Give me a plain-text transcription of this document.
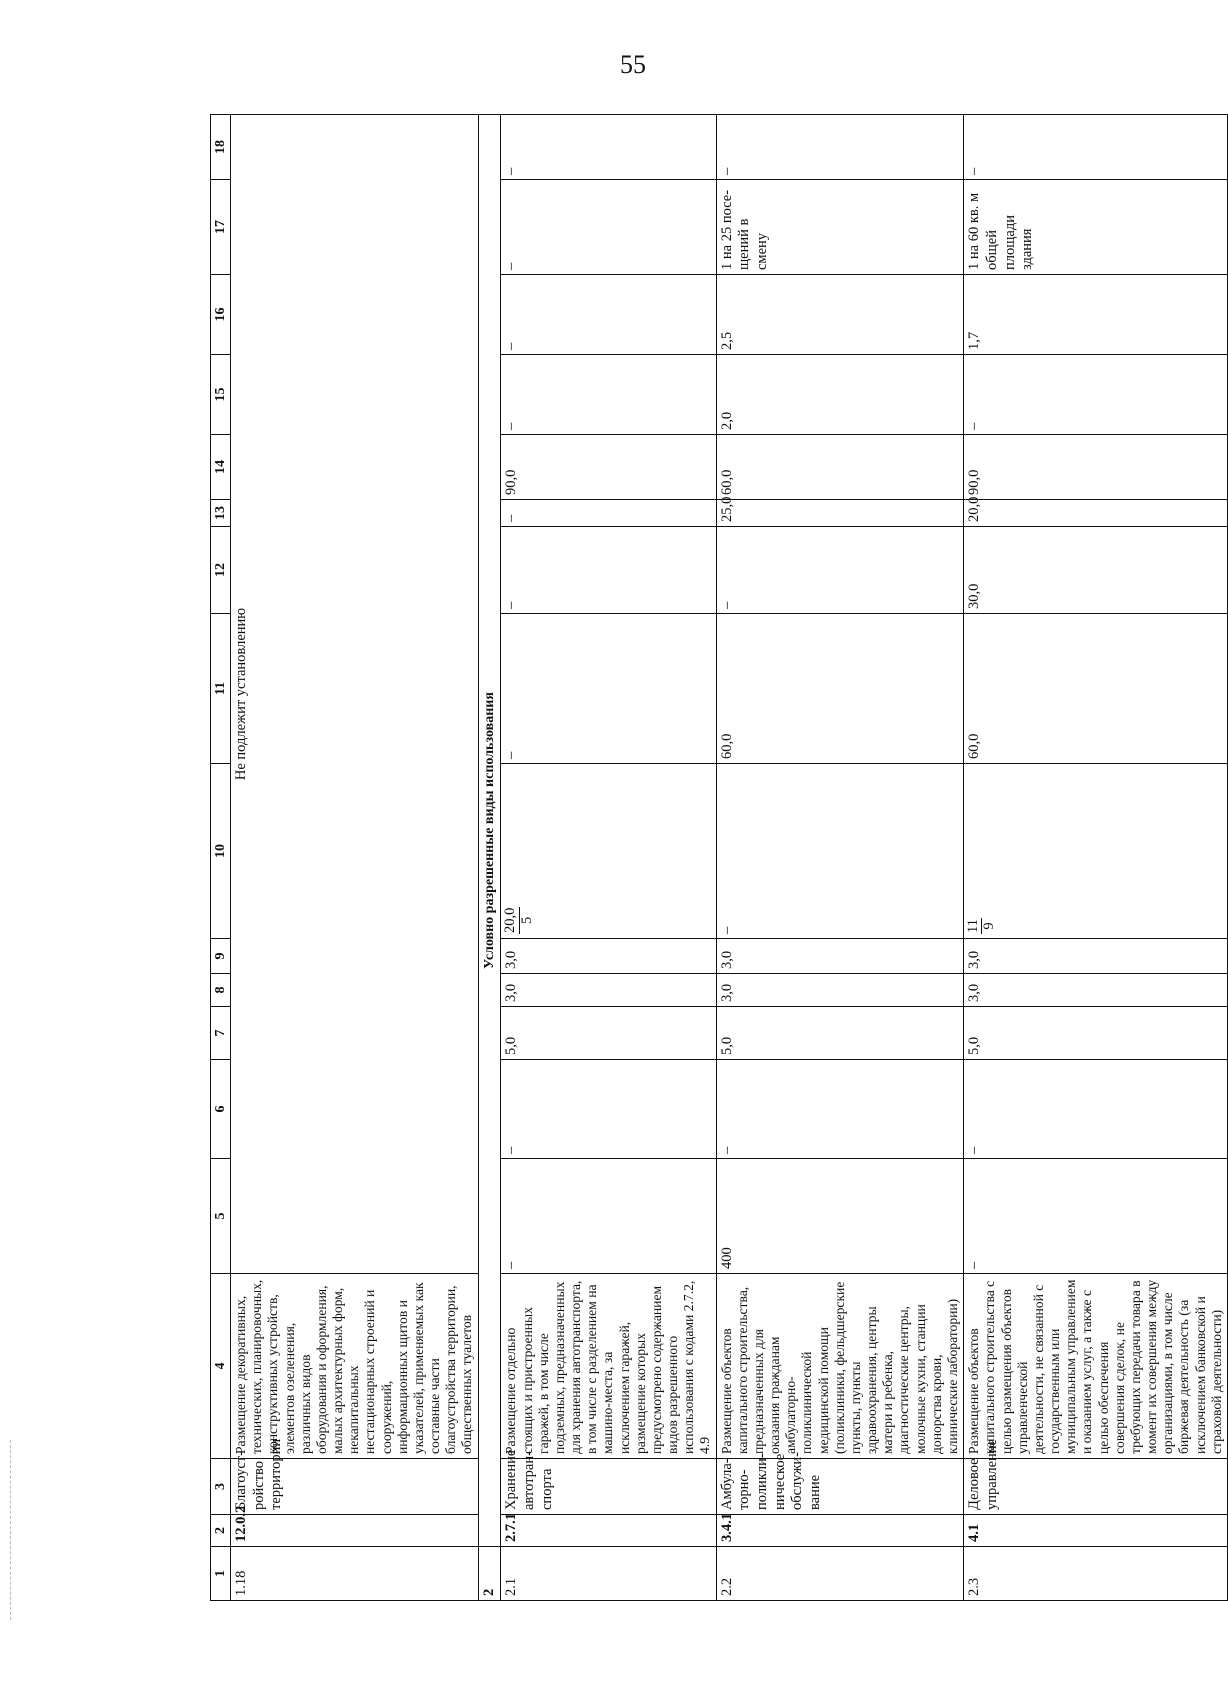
55
1	2	3	4	5	6	7	8	9	10	11	12	13	14	15	16	17	18
1.18	12.0.2	Благоуст-ройство территории	Размещение декоративных, технических, планировочных, конструктивных устройств, элементов озеленения, различных видов оборудования и оформления, малых архитектурных форм, некапитальных нестационарных строений и сооружений, информационных щитов и указателей, применяемых как составные части благоустройства территории, общественных туалетов	Не подлежит установлению													
2	Условно разрешенные виды использования																
2.1	2.7.1	Хранение автотран-спорта	Размещение отдельно стоящих и пристроенных гаражей, в том числе подземных, предназначенных для хранения автотранспорта, в том числе с разделением на машино-места, за исключением гаражей, размещение которых предусмотрено содержанием видов разрешенного использования с кодами 2.7.2, 4.9	–	–	5,0	3,0	3,0	20,0 5	–	–	–	90,0	–	–	–	–
2.2	3.4.1	Амбула-торно-поликли-ническое обслужи-вание	Размещение объектов капитального строительства, предназначенных для оказания гражданам амбулаторно-поликлинической медицинской помощи (поликлиники, фельдшерские пункты, пункты здравоохранения, центры матери и ребенка, диагностические центры, молочные кухни, станции донорства крови, клинические лаборатории)	400	–	5,0	3,0	3,0	–	60,0	–	25,0	60,0	2,0	2,5	1 на 25 посе-щений в смену	–
2.3	4.1	Деловое управление	Размещение объектов капитального строительства с целью размещения объектов управленческой деятельности, не связанной с государственным или муниципальным управлением и оказанием услуг, а также с целью обеспечения совершения сделок, не требующих передачи товара в момент их совершения между организациями, в том числе биржевая деятельность (за исключением банковской и страховой деятельности)	–	–	5,0	3,0	3,0	11 9	60,0	30,0	20,0	90,0	–	1,7	1 на 60 кв. м общей площади здания	–
